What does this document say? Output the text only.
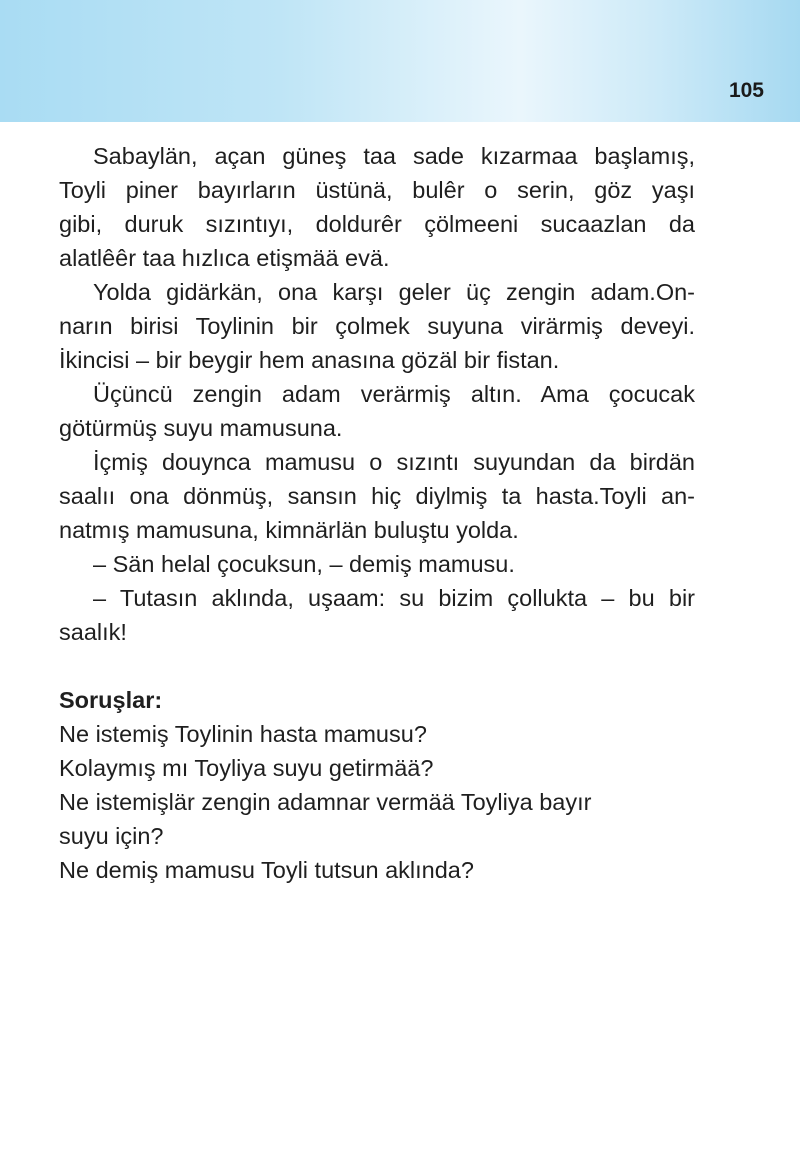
105

Sabaylän, açan güneş taa sade kızarmaa başlamış,
Toyli piner bayırların üstünä, bulêr o serin, göz yaşı
gibi, duruk sızıntıyı, doldurêr çölmeeni sucaazlan da
alatlêêr taa hızlıca etişmää evä.

Yolda gidärkän, ona karşı geler üç zengin adam.On-
narın birisi Toylinin bir çolmek suyuna virärmiş deveyi.
İkincisi – bir beygir hem anasına gözäl bir fistan.

Üçüncü zengin adam verärmiş altın. Ama çocucak
götürmüş suyu mamusuna.

İçmiş douynca mamusu o sızıntı suyundan da birdän
saalıı ona dönmüş, sansın hiç diylmiş ta hasta.Toyli an-
natmış mamusuna, kimnärlän buluştu yolda.

– Sän helal çocuksun, – demiş mamusu.

– Tutasın aklında, uşaam: su bizim çollukta – bu bir
saalık!

Soruşlar:

Ne istemiş Toylinin hasta mamusu?

Kolaymış mı Toyliya suyu getirmää?

Ne istemişlär zengin adamnar vermää Toyliya bayır

suyu için?

Ne demiş mamusu Toyli tutsun aklında?
